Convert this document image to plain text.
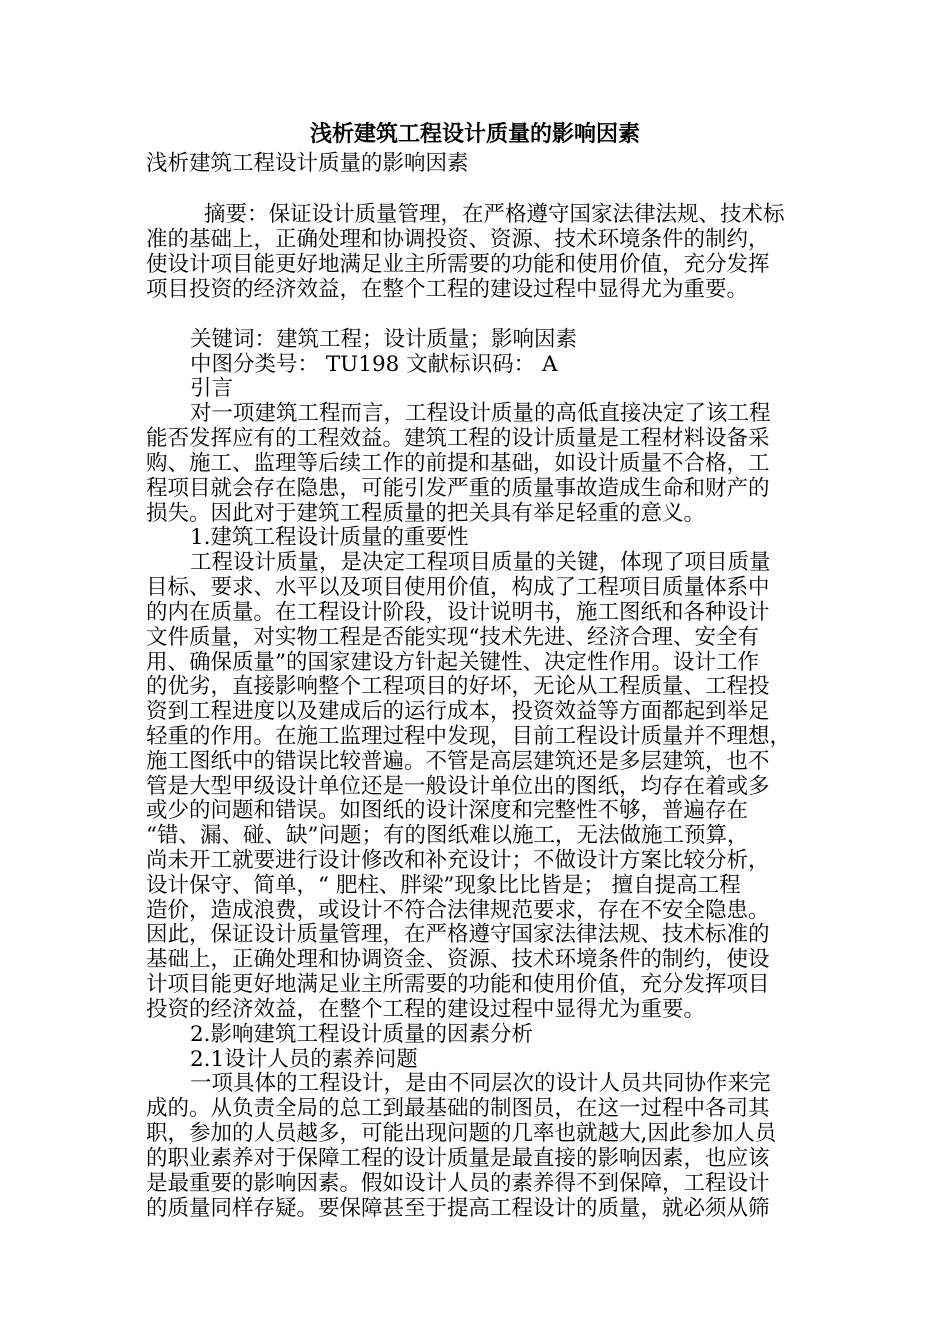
浅析建筑工程设计质量的影响因素
浅析建筑工程设计质量的影响因素
摘要：保证设计质量管理，在严格遵守国家法律法规、技术标
准的基础上，正确处理和协调投资、资源、技术环境条件的制约，
使设计项目能更好地满足业主所需要的功能和使用价值，充分发挥
项目投资的经济效益，在整个工程的建设过程中显得尤为重要。
关键词：建筑工程；设计质量；影响因素
中图分类号： TU198 文献标识码： A
引言
对一项建筑工程而言，工程设计质量的高低直接决定了该工程
能否发挥应有的工程效益。建筑工程的设计质量是工程材料设备采
购、施工、监理等后续工作的前提和基础，如设计质量不合格，工
程项目就会存在隐患，可能引发严重的质量事故造成生命和财产的
损失。因此对于建筑工程质量的把关具有举足轻重的意义。
1.建筑工程设计质量的重要性
工程设计质量，是决定工程项目质量的关键，体现了项目质量
目标、要求、水平以及项目使用价值，构成了工程项目质量体系中
的内在质量。在工程设计阶段，设计说明书，施工图纸和各种设计
文件质量，对实物工程是否能实现“技术先进、经济合理、安全有
用、确保质量”的国家建设方针起关键性、决定性作用。设计工作
的优劣，直接影响整个工程项目的好坏，无论从工程质量、工程投
资到工程进度以及建成后的运行成本，投资效益等方面都起到举足
轻重的作用。在施工监理过程中发现，目前工程设计质量并不理想，
施工图纸中的错误比较普遍。不管是高层建筑还是多层建筑，也不
管是大型甲级设计单位还是一般设计单位出的图纸，均存在着或多
或少的问题和错误。如图纸的设计深度和完整性不够，普遍存在
“错、漏、碰、缺”问题；有的图纸难以施工，无法做施工预算，
尚未开工就要进行设计修改和补充设计；不做设计方案比较分析，
设计保守、简单，“ 肥柱、胖梁”现象比比皆是； 擅自提高工程
造价，造成浪费，或设计不符合法律规范要求，存在不安全隐患。
因此，保证设计质量管理，在严格遵守国家法律法规、技术标准的
基础上，正确处理和协调资金、资源、技术环境条件的制约，使设
计项目能更好地满足业主所需要的功能和使用价值，充分发挥项目
投资的经济效益，在整个工程的建设过程中显得尤为重要。
2.影响建筑工程设计质量的因素分析
2.1设计人员的素养问题
一项具体的工程设计，是由不同层次的设计人员共同协作来完
成的。从负责全局的总工到最基础的制图员，在这一过程中各司其
职，参加的人员越多，可能出现问题的几率也就越大,因此参加人员
的职业素养对于保障工程的设计质量是最直接的影响因素，也应该
是最重要的影响因素。假如设计人员的素养得不到保障，工程设计
的质量同样存疑。要保障甚至于提高工程设计的质量，就必须从筛
